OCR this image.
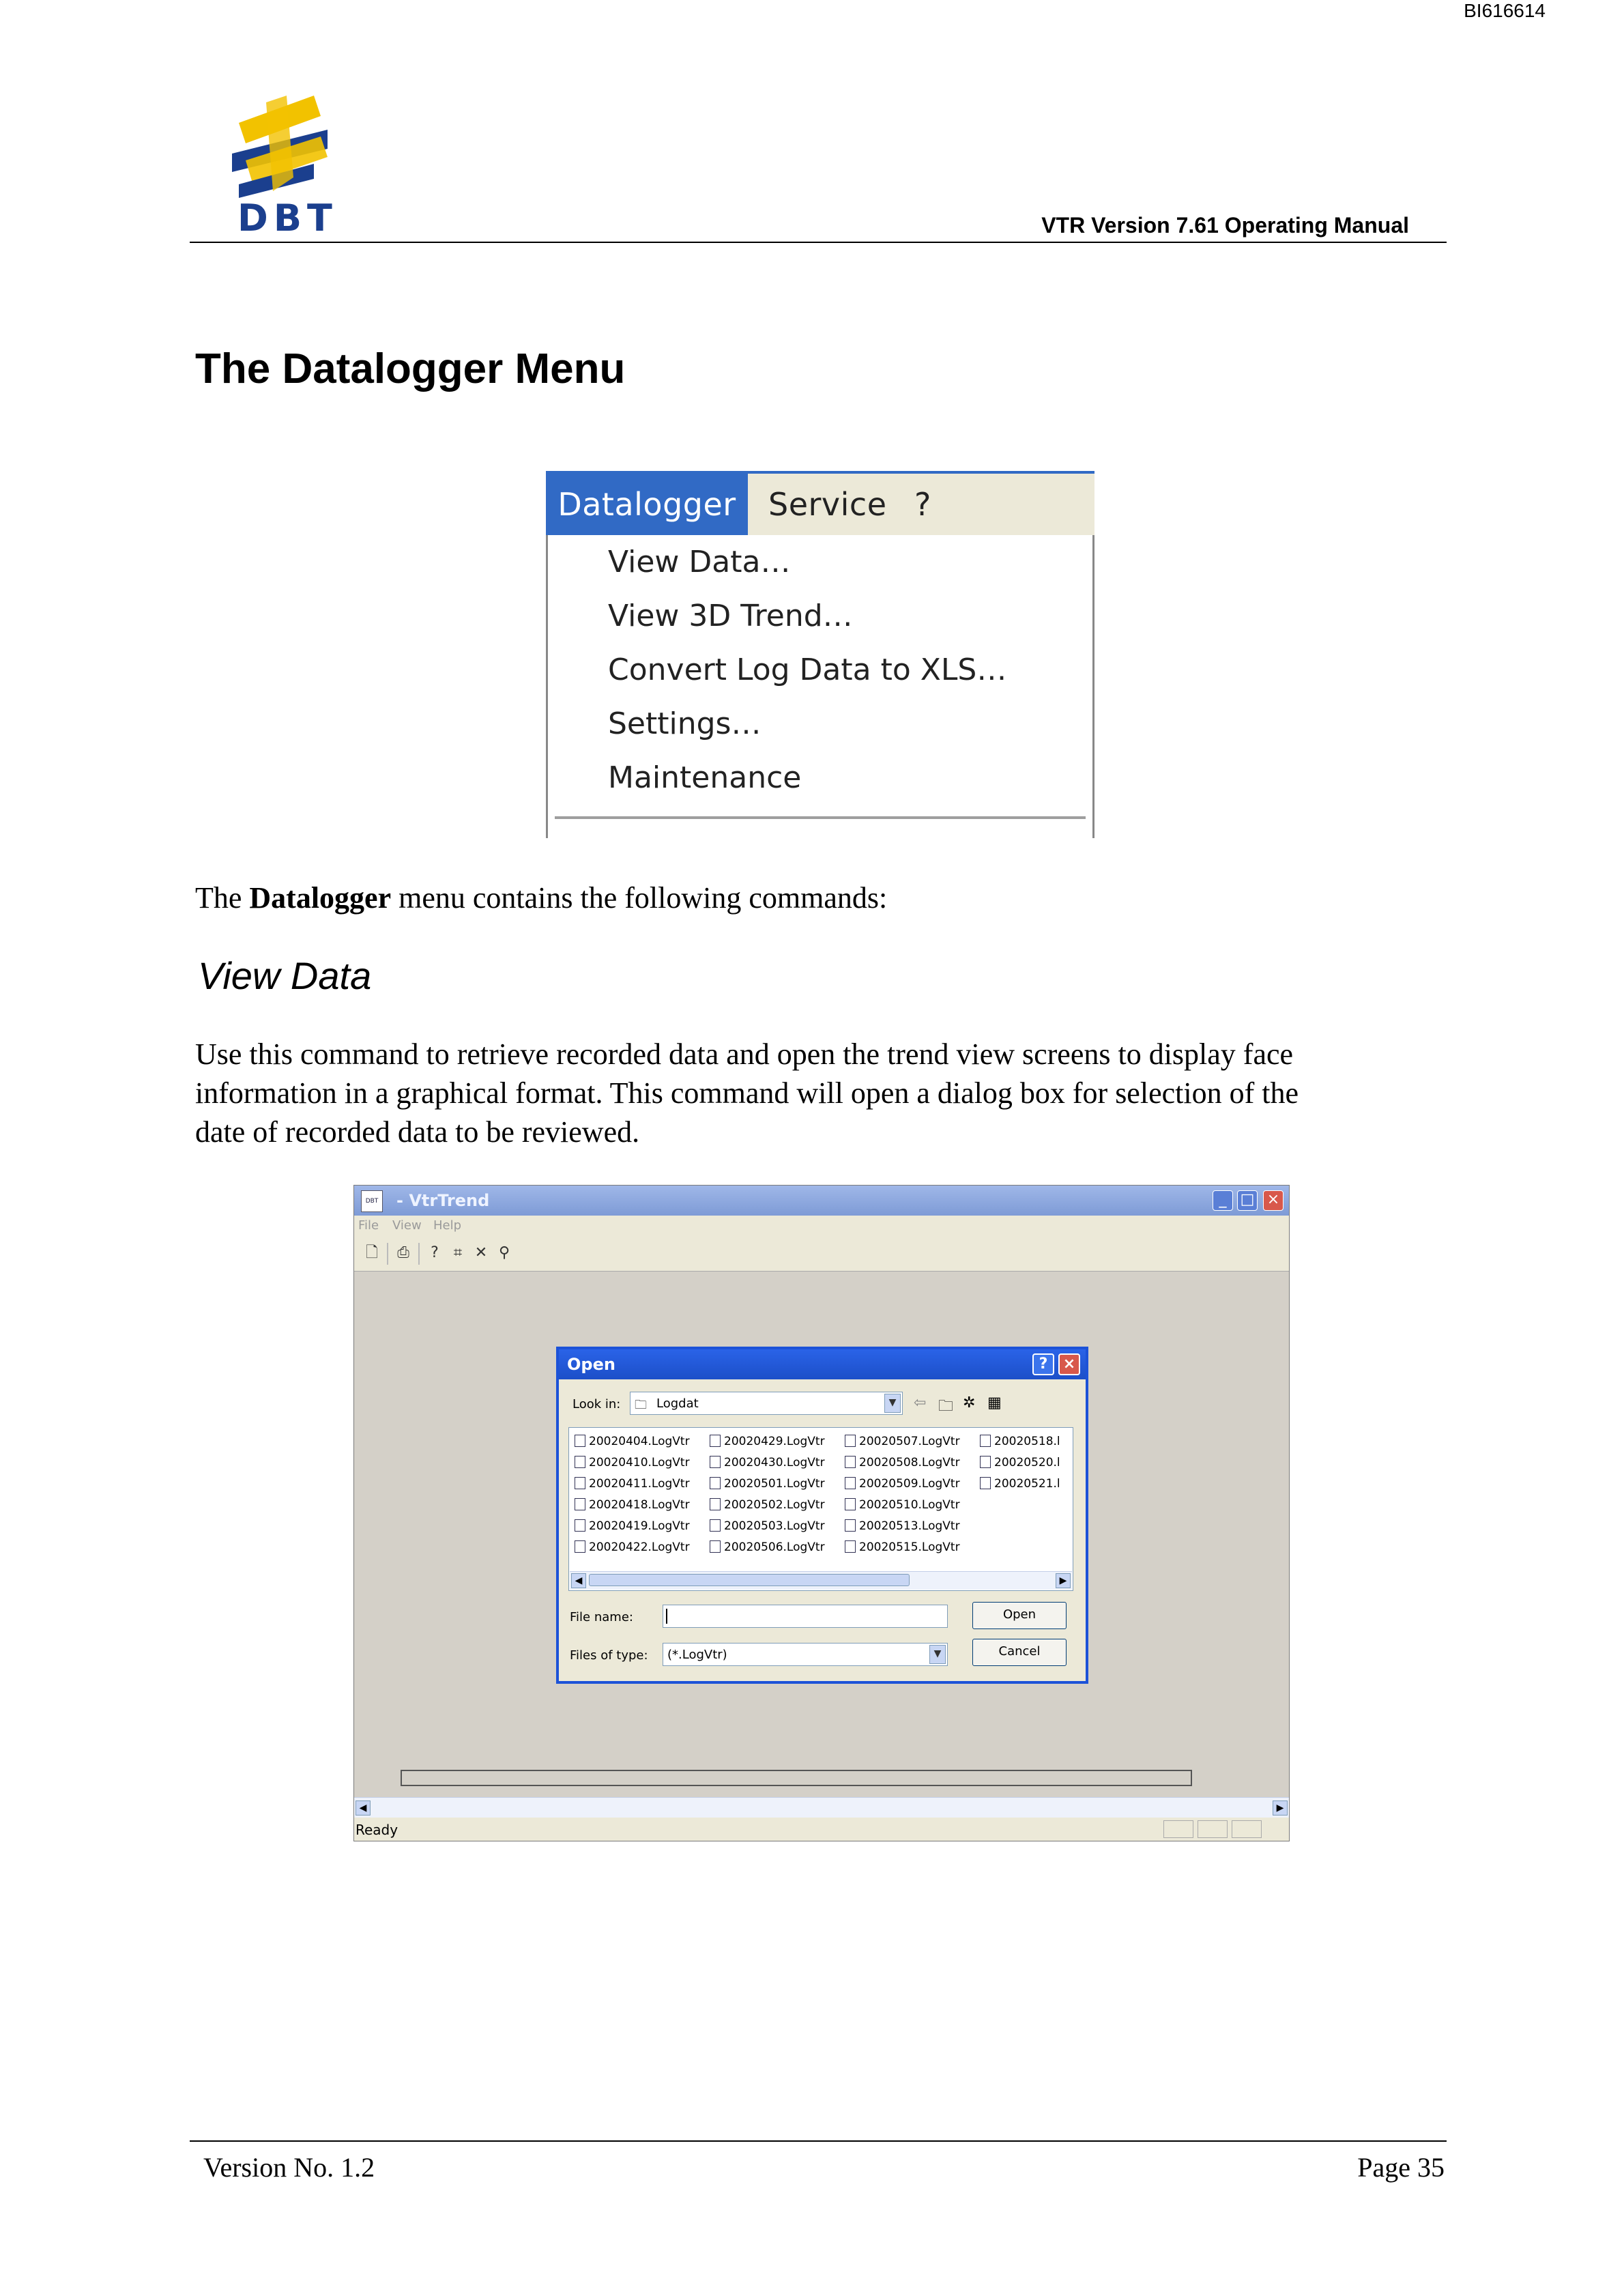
BI616614
DBT	VTR Version 7.61 Operating Manual
The Datalogger Menu
Datalogger	Service ?
View Data…
View 3D Trend…
Convert Log Data to XLS…
Settings…
Maintenance
The Datalogger menu contains the following commands:
View Data
Use this command to retrieve recorded data and open the trend view screens to display face
information in a graphical format. This command will open a dialog box for selection of the
date of recorded data to be reviewed.
DBT - VtrTrend	_ □ ×
File View Help
🗋 ⎙	? ⌗ ✕ ⚲
Open	?	×
Look in: 🗀 Logdat	▼	⇦ 🗀 ✲ ▦
20020404.LogVtr
20020410.LogVtr
20020411.LogVtr
20020418.LogVtr
20020419.LogVtr
20020422.LogVtr
20020429.LogVtr
20020430.LogVtr
20020501.LogVtr
20020502.LogVtr
20020503.LogVtr
20020506.LogVtr
20020507.LogVtr
20020508.LogVtr
20020509.LogVtr
20020510.LogVtr
20020513.LogVtr
20020515.LogVtr
20020518.l
20020520.l
20020521.l
◀	▶
File name:
Files of type: (*.LogVtr)	▼
Open
Cancel
◀	▶
Ready
Version No. 1.2	Page 35
